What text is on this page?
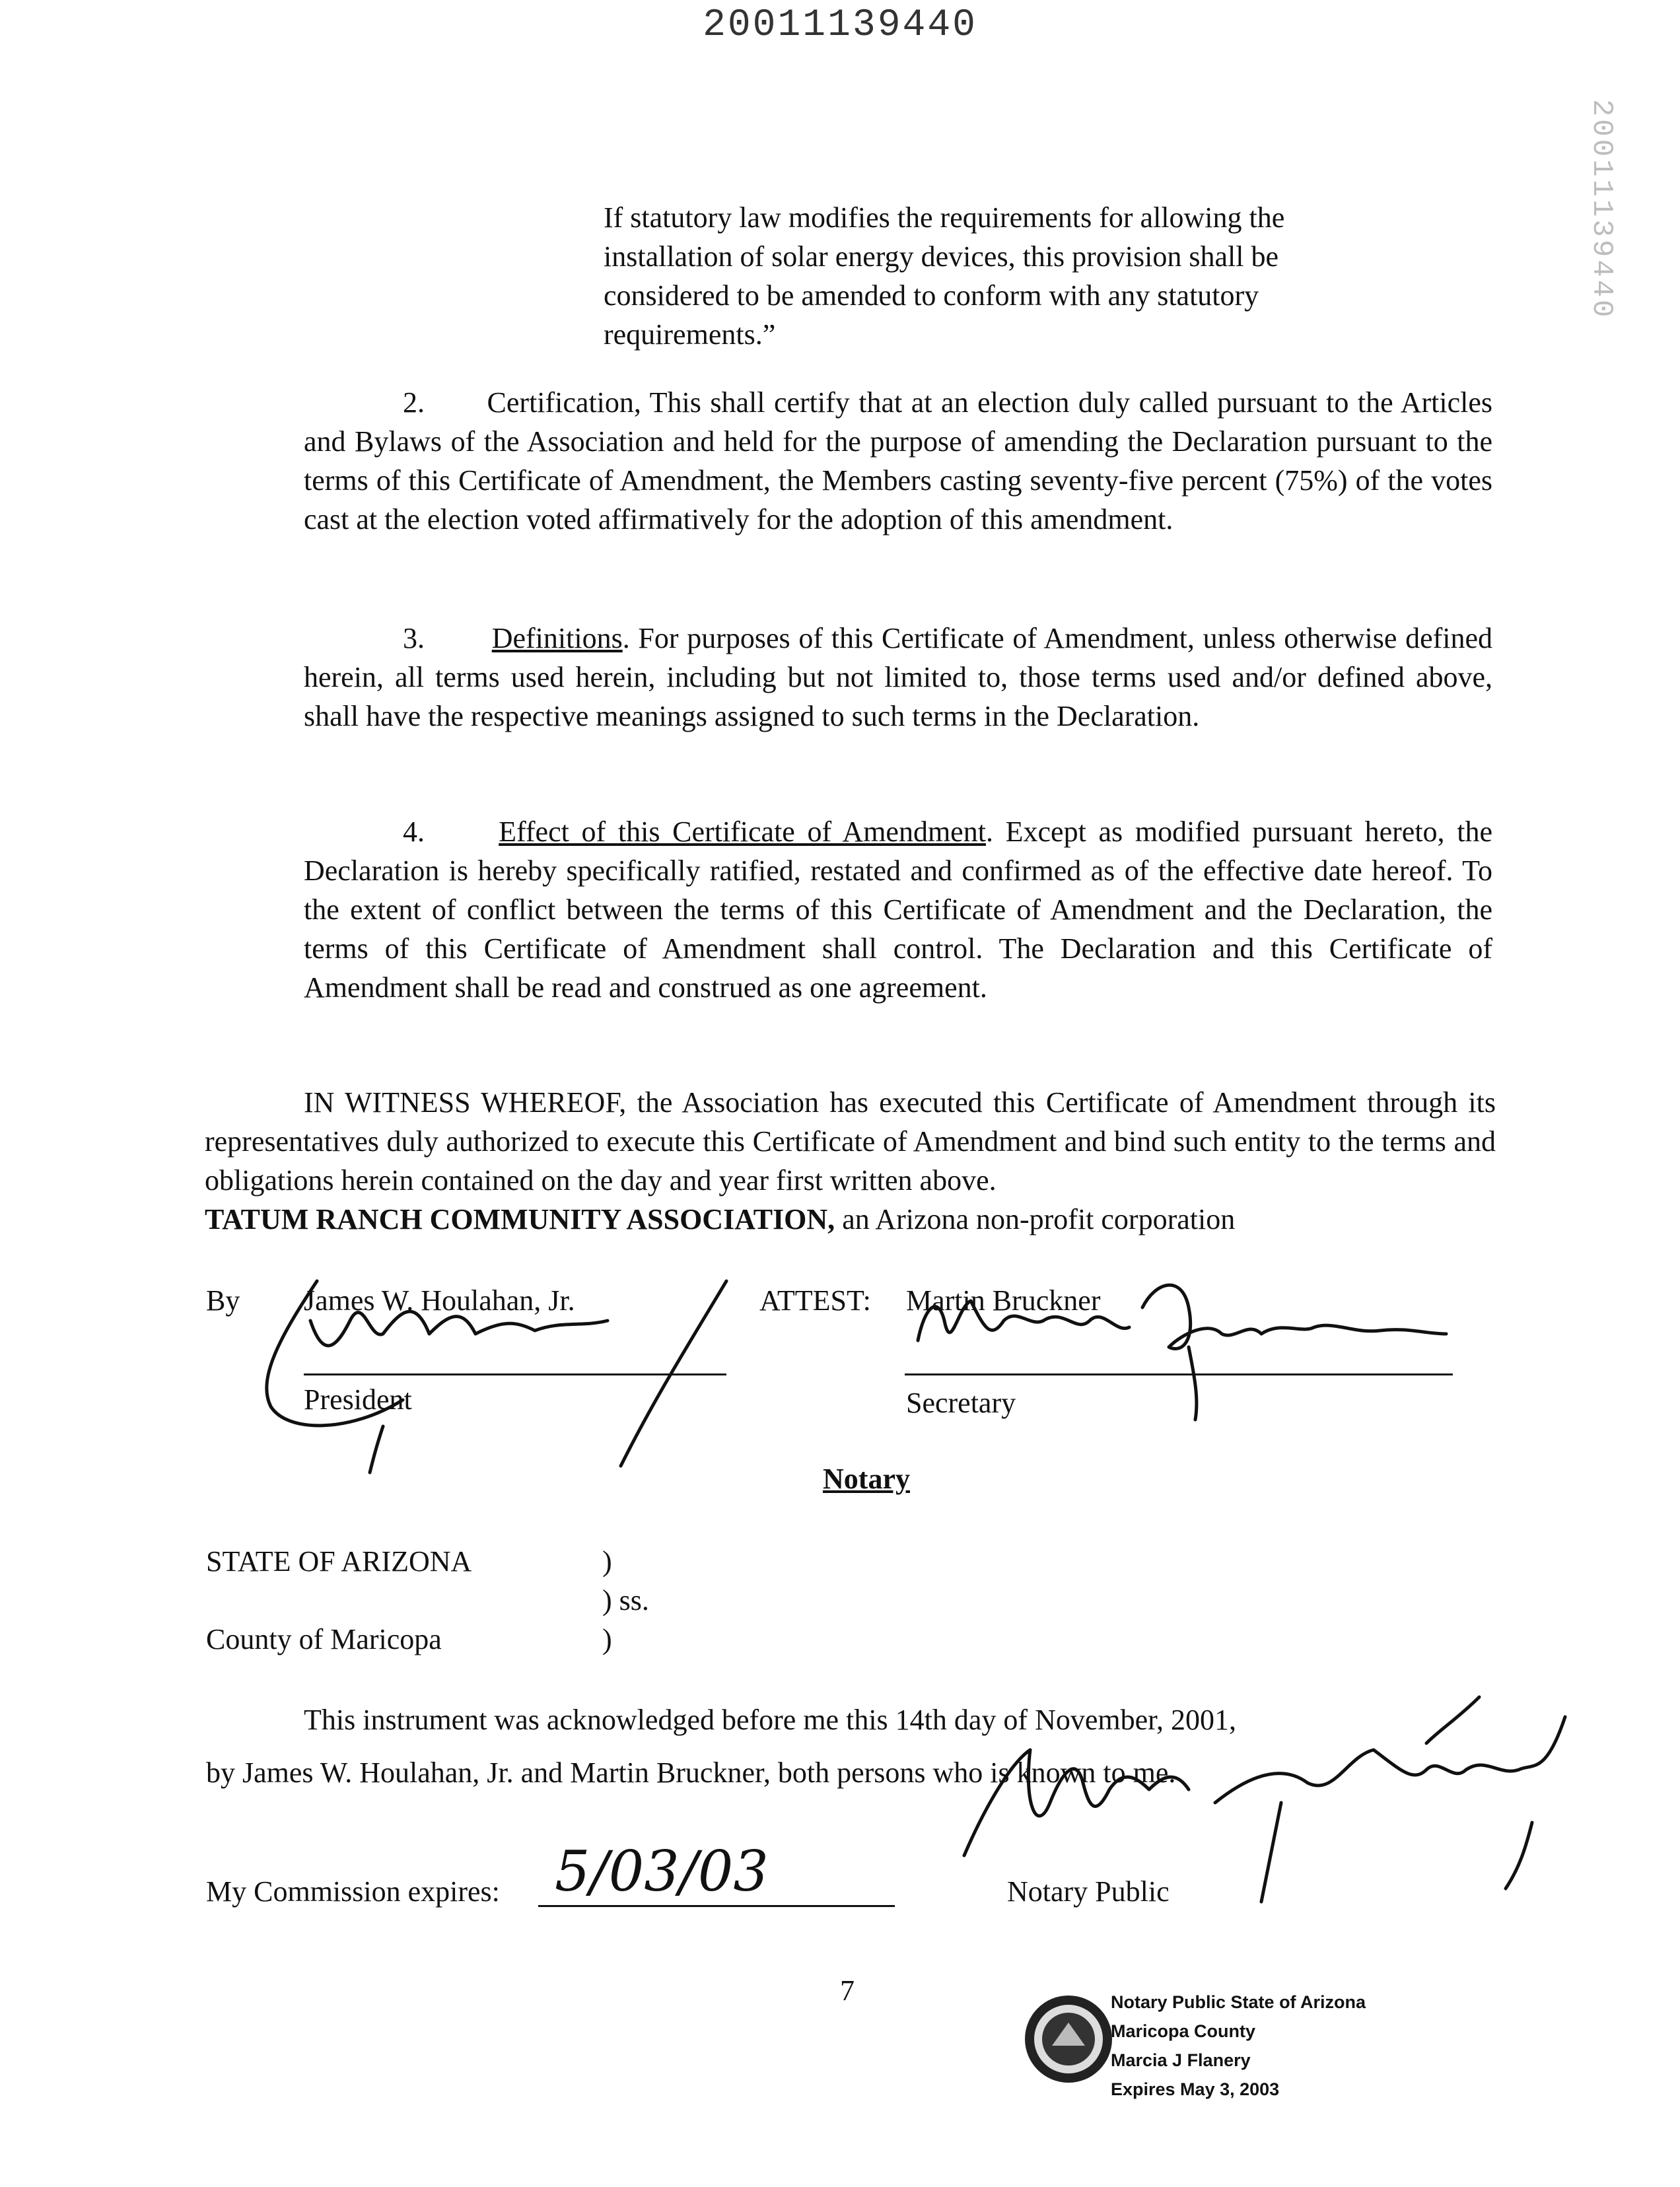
20011139440
20011139440
If statutory law modifies the requirements for allowing the installation of solar energy devices, this provision shall be considered to be amended to conform with any statutory requirements.”

2. Certification, This shall certify that at an election duly called pursuant to the Articles and Bylaws of the Association and held for the purpose of amending the Declaration pursuant to the terms of this Certificate of Amendment, the Members casting seventy-five percent (75%) of the votes cast at the election voted affirmatively for the adoption of this amendment.

3. Definitions. For purposes of this Certificate of Amendment, unless otherwise defined herein, all terms used herein, including but not limited to, those terms used and/or defined above, shall have the respective meanings assigned to such terms in the Declaration.

4.	Effect of this Certificate of Amendment. Except as modified pursuant hereto, the Declaration is hereby specifically ratified, restated and confirmed as of the effective date hereof. To the extent of conflict between the terms of this Certificate of Amendment and the Declaration, the terms of this Certificate of Amendment shall control. The Declaration and this Certificate of Amendment shall be read and construed as one agreement.

IN WITNESS WHEREOF, the Association has executed this Certificate of Amendment through its representatives duly authorized to execute this Certificate of Amendment and bind such entity to the terms and obligations herein contained on the day and year first written above.

TATUM RANCH COMMUNITY ASSOCIATION, an Arizona non-profit corporation

By James W. Houlahan, Jr.
President
ATTEST: Martin Bruckner
Secretary
Notary
STATE OF ARIZONA	)
) ss.
County of Maricopa	)
This instrument was acknowledged before me this 14th day of November, 2001,
by James W. Houlahan, Jr. and Martin Bruckner, both persons who is known to me.
My Commission expires: 5/03/03	Notary Public
7	Notary Public State of Arizona
Maricopa County
Marcia J Flanery
Expires May 3, 2003
